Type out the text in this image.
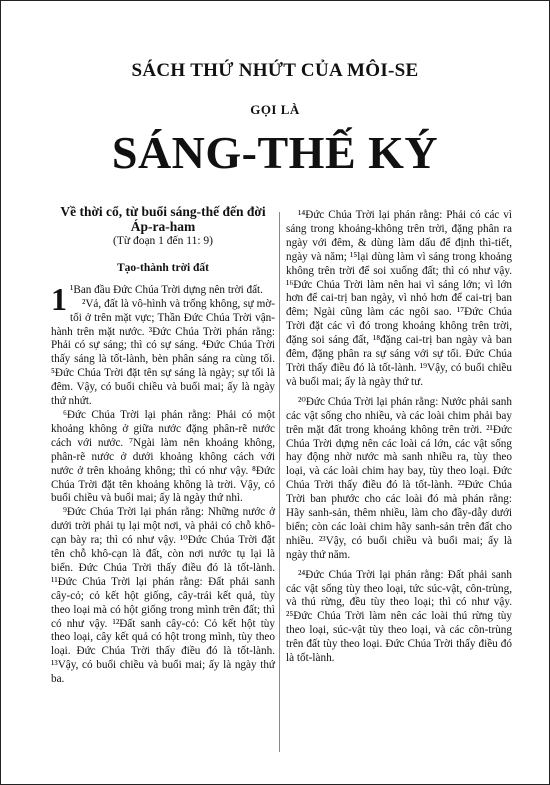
SÁCH THỨ NHỨT CỦA MÔI-SE
GỌI LÀ
SÁNG-THẾ KÝ
Về thời cổ, từ buổi sáng-thế đến đời Áp-ra-ham
(Từ đoạn 1 đến 11: 9)
Tạo-thành trời đất
1 ¹Ban đầu Đức Chúa Trời dựng nên trời đất.

²Vả, đất là vô-hình và trống không, sự mờ-tối ở trên mặt vực; Thần Đức Chúa Trời vận-hành trên mặt nước. ³Đức Chúa Trời phán rằng: Phải có sự sáng; thì có sự sáng. ⁴Đức Chúa Trời thấy sáng là tốt-lành, bèn phân sáng ra cùng tối. ⁵Đức Chúa Trời đặt tên sự sáng là ngày; sự tối là đêm. Vậy, có buổi chiều và buổi mai; ấy là ngày thứ nhứt.

⁶Đức Chúa Trời lại phán rằng: Phải có một khoảng không ở giữa nước đặng phân-rẽ nước cách với nước. ⁷Ngài làm nên khoảng không, phân-rẽ nước ở dưới khoảng không cách với nước ở trên khoảng không; thì có như vậy. ⁸Đức Chúa Trời đặt tên khoảng không là trời. Vậy, có buổi chiều và buổi mai; ấy là ngày thứ nhì.

⁹Đức Chúa Trời lại phán rằng: Những nước ở dưới trời phải tụ lại một nơi, và phải có chỗ khô-cạn bày ra; thì có như vậy. ¹⁰Đức Chúa Trời đặt tên chỗ khô-cạn là đất, còn nơi nước tụ lại là biển. Đức Chúa Trời thấy điều đó là tốt-lành. ¹¹Đức Chúa Trời lại phán rằng: Đất phải sanh cây-cỏ; cỏ kết hột giống, cây-trái kết quả, tùy theo loại mà có hột giống trong mình trên đất; thì có như vậy. ¹²Đất sanh cây-cỏ: Cỏ kết hột tùy theo loại, cây kết quả có hột trong mình, tùy theo loại. Đức Chúa Trời thấy điều đó là tốt-lành. ¹³Vậy, có buổi chiều và buổi mai; ấy là ngày thứ ba.

¹⁴Đức Chúa Trời lại phán rằng: Phải có các vì sáng trong khoảng-không trên trời, đặng phân ra ngày với đêm, & dùng làm dấu để định thì-tiết, ngày và năm; ¹⁵lại dùng làm vì sáng trong khoảng không trên trời để soi xuống đất; thì có như vậy. ¹⁶Đức Chúa Trời làm nên hai vì sáng lớn; vì lớn hơn để cai-trị ban ngày, vì nhỏ hơn để cai-trị ban đêm; Ngài cũng làm các ngôi sao. ¹⁷Đức Chúa Trời đặt các vì đó trong khoảng không trên trời, đặng soi sáng đất, ¹⁸đặng cai-trị ban ngày và ban đêm, đặng phân ra sự sáng với sự tối. Đức Chúa Trời thấy điều đó là tốt-lành. ¹⁹Vậy, có buổi chiều và buổi mai; ấy là ngày thứ tư.

²⁰Đức Chúa Trời lại phán rằng: Nước phải sanh các vật sống cho nhiều, và các loài chim phải bay trên mặt đất trong khoảng không trên trời. ²¹Đức Chúa Trời dựng nên các loài cá lớn, các vật sống hay động nhờ nước mà sanh nhiều ra, tùy theo loại, và các loài chim hay bay, tùy theo loại. Đức Chúa Trời thấy điều đó là tốt-lành. ²²Đức Chúa Trời ban phước cho các loài đó mà phán rằng: Hãy sanh-sản, thêm nhiều, làm cho đầy-dẫy dưới biển; còn các loài chim hãy sanh-sản trên đất cho nhiều. ²³Vậy, có buổi chiều và buổi mai; ấy là ngày thứ năm.

²⁴Đức Chúa Trời lại phán rằng: Đất phải sanh các vật sống tùy theo loại, tức súc-vật, côn-trùng, và thú rừng, đều tùy theo loại; thì có như vậy. ²⁵Đức Chúa Trời làm nên các loài thú rừng tùy theo loại, súc-vật tùy theo loại, và các côn-trùng trên đất tùy theo loại. Đức Chúa Trời thấy điều đó là tốt-lành.
